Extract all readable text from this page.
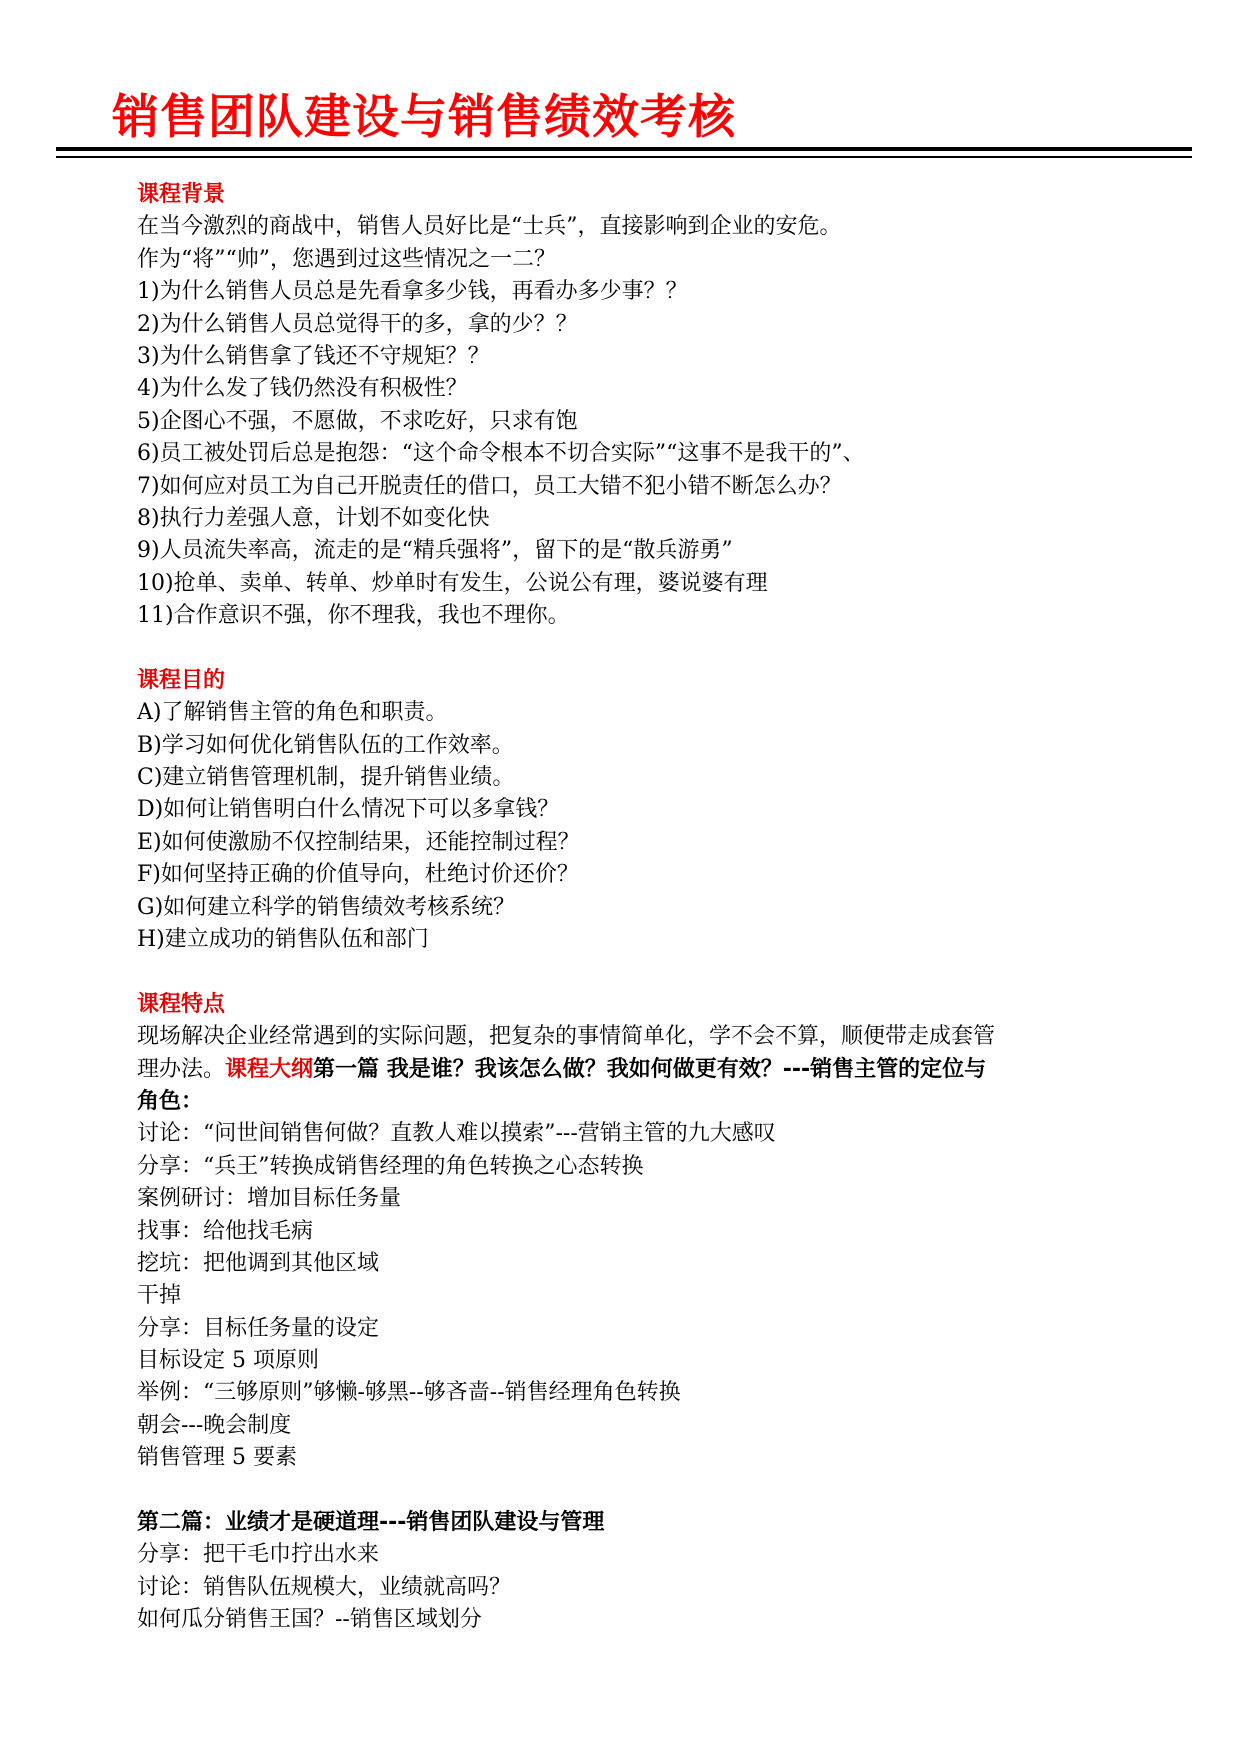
销售团队建设与销售绩效考核
课程背景
在当今激烈的商战中，销售人员好比是“士兵”，直接影响到企业的安危。
作为“将”“帅”，您遇到过这些情况之一二？
1)为什么销售人员总是先看拿多少钱，再看办多少事？？
2)为什么销售人员总觉得干的多，拿的少？？
3)为什么销售拿了钱还不守规矩？？
4)为什么发了钱仍然没有积极性？
5)企图心不强，不愿做，不求吃好，只求有饱
6)员工被处罚后总是抱怨：“这个命令根本不切合实际”“这事不是我干的”、
7)如何应对员工为自己开脱责任的借口，员工大错不犯小错不断怎么办？
8)执行力差强人意，计划不如变化快
9)人员流失率高，流走的是“精兵强将”，留下的是“散兵游勇”
10)抢单、卖单、转单、炒单时有发生，公说公有理，婆说婆有理
11)合作意识不强，你不理我，我也不理你。
课程目的
A)了解销售主管的角色和职责。
B)学习如何优化销售队伍的工作效率。
C)建立销售管理机制，提升销售业绩。
D)如何让销售明白什么情况下可以多拿钱？
E)如何使激励不仅控制结果，还能控制过程？
F)如何坚持正确的价值导向，杜绝讨价还价？
G)如何建立科学的销售绩效考核系统？
H)建立成功的销售队伍和部门
课程特点
现场解决企业经常遇到的实际问题，把复杂的事情简单化，学不会不算，顺便带走成套管
理办法。课程大纲第一篇 我是谁？我该怎么做？我如何做更有效？---销售主管的定位与
角色：
讨论：“问世间销售何做？直教人难以摸索”---营销主管的九大感叹
分享：“兵王”转换成销售经理的角色转换之心态转换
案例研讨：增加目标任务量
找事：给他找毛病
挖坑：把他调到其他区域
干掉
分享：目标任务量的设定
目标设定 5 项原则
举例：“三够原则”够懒-够黑--够吝啬--销售经理角色转换
朝会---晚会制度
销售管理 5 要素
第二篇：业绩才是硬道理---销售团队建设与管理
分享：把干毛巾拧出水来
讨论：销售队伍规模大，业绩就高吗？
如何瓜分销售王国？--销售区域划分
